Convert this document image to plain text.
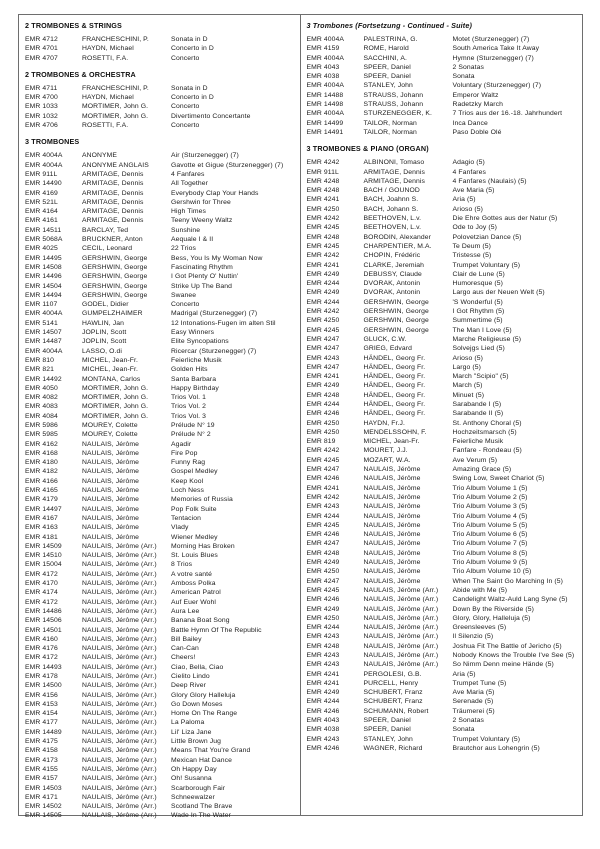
2 TROMBONES & STRINGS
EMR 4712	FRANCHESCHINI, P.	Sonata in D
EMR 4701	HAYDN, Michael	Concerto in D
EMR 4707	ROSETTI, F.A.	Concerto
2 TROMBONES & ORCHESTRA
EMR 4711	FRANCHESCHINI, P.	Sonata in D
EMR 4700	HAYDN, Michael	Concerto in D
EMR 1033	MORTIMER, John G.	Concerto
EMR 1032	MORTIMER, John G.	Divertimento Concertante
EMR 4706	ROSETTI, F.A.	Concerto
3 TROMBONES
EMR 4004A	ANONYME	Air (Sturzenegger) (7)
EMR 4004A	ANONYME ANGLAIS	Gavotte et Gigue (Sturzenegger) (7)
EMR 911L	ARMITAGE, Dennis	4 Fanfares
EMR 14490	ARMITAGE, Dennis	All Together
EMR 4169	ARMITAGE, Dennis	Everybody Clap Your Hands
EMR 521L	ARMITAGE, Dennis	Gershwin for Three
EMR 4164	ARMITAGE, Dennis	High Times
EMR 4161	ARMITAGE, Dennis	Teeny Weeny Waltz
EMR 14511	BARCLAY, Ted	Sunshine
EMR 5068A	BRUCKNER, Anton	Aequale I & II
EMR 4025	CECIL, Leonard	22 Trios
EMR 14495	GERSHWIN, George	Bess, You Is My Woman Now
EMR 14508	GERSHWIN, George	Fascinating Rhythm
EMR 14496	GERSHWIN, George	I Got Plenty O' Nuttin'
EMR 14504	GERSHWIN, George	Strike Up The Band
EMR 14494	GERSHWIN, George	Swanee
EMR 1107	GODEL, Didier	Concerto
EMR 4004A	GUMPELZHAIMER	Madrigal (Sturzenegger) (7)
EMR 5141	HAWLIN, Jan	12 Intonations-Fugen im alten Stil
EMR 14507	JOPLIN, Scott	Easy Winners
EMR 14487	JOPLIN, Scott	Elite Syncopations
EMR 4004A	LASSO, O.di	Ricercar (Sturzenegger) (7)
EMR 810	MICHEL, Jean-Fr.	Feierliche Musik
EMR 821	MICHEL, Jean-Fr.	Golden Hits
EMR 14492	MONTANA, Carlos	Santa Barbara
EMR 4050	MORTIMER, John G.	Happy Birthday
EMR 4082	MORTIMER, John G.	Trios Vol. 1
EMR 4083	MORTIMER, John G.	Trios Vol. 2
EMR 4084	MORTIMER, John G.	Trios Vol. 3
EMR 5986	MOUREY, Colette	Prélude N° 19
EMR 5985	MOUREY, Colette	Prélude N° 2
EMR 4162	NAULAIS, Jérôme	Agadir
EMR 4168	NAULAIS, Jérôme	Fire Pop
EMR 4180	NAULAIS, Jérôme	Funny Rag
EMR 4182	NAULAIS, Jérôme	Gospel Medley
EMR 4166	NAULAIS, Jérôme	Keep Kool
EMR 4165	NAULAIS, Jérôme	Loch Ness
EMR 4179	NAULAIS, Jérôme	Memories of Russia
EMR 14497	NAULAIS, Jérôme	Pop Folk Suite
EMR 4167	NAULAIS, Jérôme	Tentacion
EMR 4163	NAULAIS, Jérôme	Vlady
EMR 4181	NAULAIS, Jérôme	Wiener Medley
EMR 14509	NAULAIS, Jérôme (Arr.)	Morning Has Broken
EMR 14510	NAULAIS, Jérôme (Arr.)	St. Louis Blues
EMR 15004	NAULAIS, Jérôme (Arr.)	8 Trios
EMR 4172	NAULAIS, Jérôme (Arr.)	A votre santé
EMR 4170	NAULAIS, Jérôme (Arr.)	Amboss Polka
EMR 4174	NAULAIS, Jérôme (Arr.)	American Patrol
EMR 4172	NAULAIS, Jérôme (Arr.)	Auf Euer Wohl
EMR 14486	NAULAIS, Jérôme (Arr.)	Aura Lee
EMR 14506	NAULAIS, Jérôme (Arr.)	Banana Boat Song
EMR 14501	NAULAIS, Jérôme (Arr.)	Battle Hymn Of The Republic
EMR 4160	NAULAIS, Jérôme (Arr.)	Bill Bailey
EMR 4176	NAULAIS, Jérôme (Arr.)	Can-Can
EMR 4172	NAULAIS, Jérôme (Arr.)	Cheers!
EMR 14493	NAULAIS, Jérôme (Arr.)	Ciao, Bella, Ciao
EMR 4178	NAULAIS, Jérôme (Arr.)	Cielito Lindo
EMR 14500	NAULAIS, Jérôme (Arr.)	Deep River
EMR 4156	NAULAIS, Jérôme (Arr.)	Glory Glory Halleluja
EMR 4153	NAULAIS, Jérôme (Arr.)	Go Down Moses
EMR 4154	NAULAIS, Jérôme (Arr.)	Home On The Range
EMR 4177	NAULAIS, Jérôme (Arr.)	La Paloma
EMR 14489	NAULAIS, Jérôme (Arr.)	Lil' Liza Jane
EMR 4175	NAULAIS, Jérôme (Arr.)	Little Brown Jug
EMR 4158	NAULAIS, Jérôme (Arr.)	Means That You're Grand
EMR 4173	NAULAIS, Jérôme (Arr.)	Mexican Hat Dance
EMR 4155	NAULAIS, Jérôme (Arr.)	Oh Happy Day
EMR 4157	NAULAIS, Jérôme (Arr.)	Oh! Susanna
EMR 14503	NAULAIS, Jérôme (Arr.)	Scarborough Fair
EMR 4171	NAULAIS, Jérôme (Arr.)	Schneewalzer
EMR 14502	NAULAIS, Jérôme (Arr.)	Scotland The Brave
EMR 14505	NAULAIS, Jérôme (Arr.)	Wade In The Water
3 Trombones (Fortsetzung - Continued - Suite)
EMR 4004A	PALESTRINA, G.	Motet (Sturzenegger) (7)
EMR 4159	ROME, Harold	South America Take It Away
EMR 4004A	SACCHINI, A.	Hymne (Sturzenegger) (7)
EMR 4043	SPEER, Daniel	2 Sonatas
EMR 4038	SPEER, Daniel	Sonata
EMR 4004A	STANLEY, John	Voluntary (Sturzenegger) (7)
EMR 14488	STRAUSS, Johann	Emperor Waltz
EMR 14498	STRAUSS, Johann	Radetzky March
EMR 4004A	STURZENEGGER, K.	7 Trios aus der 16.-18. Jahrhundert
EMR 14499	TAILOR, Norman	Inca Dance
EMR 14491	TAILOR, Norman	Paso Doble Olé
3 TROMBONES & PIANO (ORGAN)
EMR 4242	ALBINONI, Tomaso	Adagio (5)
EMR 911L	ARMITAGE, Dennis	4 Fanfares
EMR 4248	ARMITAGE, Dennis	4 Fanfares (Naulais) (5)
EMR 4248	BACH / GOUNOD	Ave Maria (5)
EMR 4241	BACH, Joahnn S.	Aria (5)
EMR 4250	BACH, Johann S.	Arioso (5)
EMR 4242	BEETHOVEN, L.v.	Die Ehre Gottes aus der Natur (5)
EMR 4245	BEETHOVEN, L.v.	Ode to Joy (5)
EMR 4248	BORODIN, Alexander	Polovetzian Dance (5)
EMR 4245	CHARPENTIER, M.A.	Te Deum (5)
EMR 4242	CHOPIN, Frédéric	Tristesse (5)
EMR 4241	CLARKE, Jeremiah	Trumpet Voluntary (5)
EMR 4249	DEBUSSY, Claude	Clair de Lune (5)
EMR 4244	DVORAK, Antonin	Humoresque (5)
EMR 4249	DVORAK, Antonin	Largo aus der Neuen Welt (5)
EMR 4244	GERSHWIN, George	'S Wonderful (5)
EMR 4242	GERSHWIN, George	I Got Rhythm (5)
EMR 4250	GERSHWIN, George	Summertime (5)
EMR 4245	GERSHWIN, George	The Man I Love (5)
EMR 4247	GLUCK, C.W.	Marche Religieuse (5)
EMR 4247	GRIEG, Edvard	Solvejgs Lied (5)
EMR 4243	HÄNDEL, Georg Fr.	Arioso (5)
EMR 4247	HÄNDEL, Georg Fr.	Largo (5)
EMR 4241	HÄNDEL, Georg Fr.	March "Scipio" (5)
EMR 4249	HÄNDEL, Georg Fr.	March (5)
EMR 4248	HÄNDEL, Georg Fr.	Minuet (5)
EMR 4244	HÄNDEL, Georg Fr.	Sarabande I (5)
EMR 4246	HÄNDEL, Georg Fr.	Sarabande II (5)
EMR 4250	HAYDN, Fr.J.	St. Anthony Choral (5)
EMR 4250	MENDELSSOHN, F.	Hochzeitsmarsch (5)
EMR 819	MICHEL, Jean-Fr.	Feierliche Musik
EMR 4242	MOURET, J.J.	Fanfare - Rondeau (5)
EMR 4245	MOZART, W.A.	Ave Verum (5)
EMR 4247	NAULAIS, Jérôme	Amazing Grace (5)
EMR 4246	NAULAIS, Jérôme	Swing Low, Sweet Chariot (5)
EMR 4241	NAULAIS, Jérôme	Trio Album Volume 1 (5)
EMR 4242	NAULAIS, Jérôme	Trio Album Volume 2 (5)
EMR 4243	NAULAIS, Jérôme	Trio Album Volume 3 (5)
EMR 4244	NAULAIS, Jérôme	Trio Album Volume 4 (5)
EMR 4245	NAULAIS, Jérôme	Trio Album Volume 5 (5)
EMR 4246	NAULAIS, Jérôme	Trio Album Volume 6 (5)
EMR 4247	NAULAIS, Jérôme	Trio Album Volume 7 (5)
EMR 4248	NAULAIS, Jérôme	Trio Album Volume 8 (5)
EMR 4249	NAULAIS, Jérôme	Trio Album Volume 9 (5)
EMR 4250	NAULAIS, Jérôme	Trio Album Volume 10 (5)
EMR 4247	NAULAIS, Jérôme	When The Saint Go Marching In (5)
EMR 4245	NAULAIS, Jérôme (Arr.)	Abide with Me (5)
EMR 4246	NAULAIS, Jérôme (Arr.)	Candelight Waltz-Auld Lang Syne (5)
EMR 4249	NAULAIS, Jérôme (Arr.)	Down By the Riverside (5)
EMR 4250	NAULAIS, Jérôme (Arr.)	Glory, Glory, Halleluja (5)
EMR 4244	NAULAIS, Jérôme (Arr.)	Greensleeves (5)
EMR 4243	NAULAIS, Jérôme (Arr.)	Il Silenzio (5)
EMR 4248	NAULAIS, Jérôme (Arr.)	Joshua Fit The Battle of Jericho (5)
EMR 4243	NAULAIS, Jérôme (Arr.)	Nobody Knows the Trouble I've See (5)
EMR 4243	NAULAIS, Jérôme (Arr.)	So Nimm Denn meine Hände (5)
EMR 4241	PERGOLESI, G.B.	Aria (5)
EMR 4241	PURCELL, Henry	Trumpet Tune (5)
EMR 4249	SCHUBERT, Franz	Ave Maria (5)
EMR 4244	SCHUBERT, Franz	Serenade (5)
EMR 4246	SCHUMANN, Robert	Träumerei (5)
EMR 4043	SPEER, Daniel	2 Sonatas
EMR 4038	SPEER, Daniel	Sonata
EMR 4243	STANLEY, John	Trumpet Voluntary (5)
EMR 4246	WAGNER, Richard	Brautchor aus Lohengrin (5)
